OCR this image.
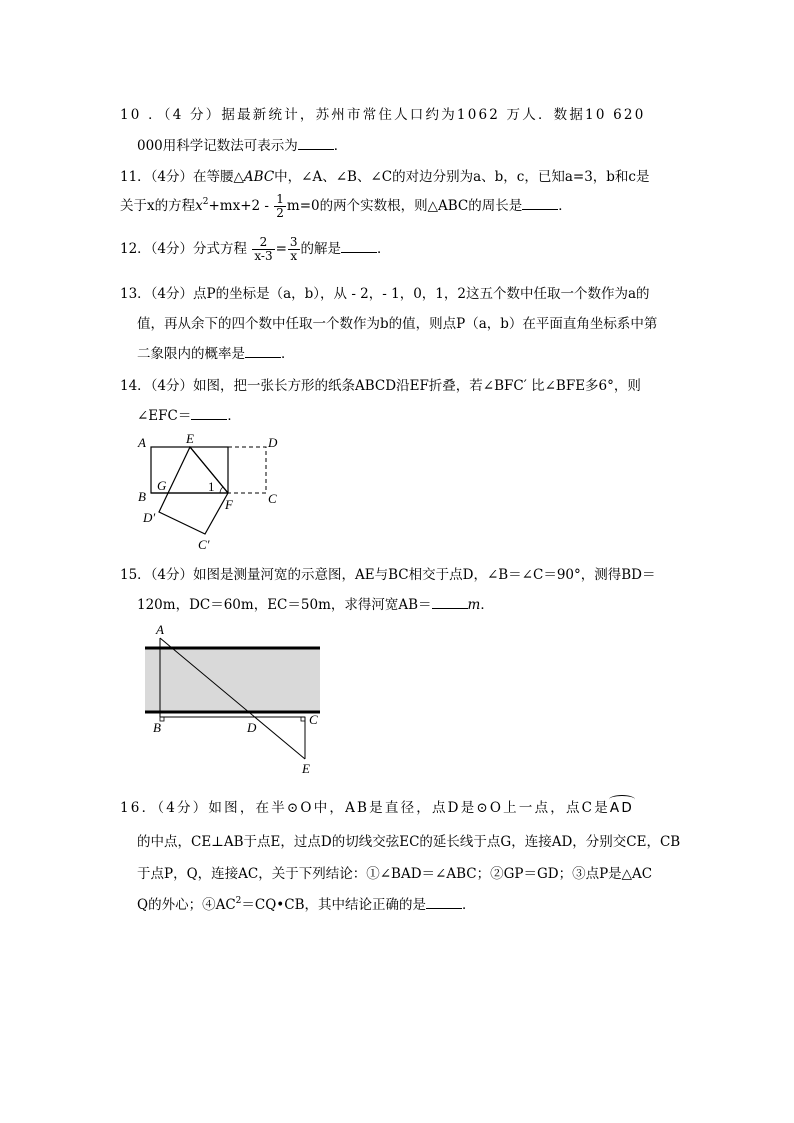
10 ．（4 分）据最新统计，苏州市常住人口约为1062 万人．数据10 620
000用科学记数法可表示为	．
11．（4分）在等腰△ABC中，∠A、∠B、∠C的对边分别为a、b，c，已知a=3，b和c是
关于x的方程$x^2+mx+2 - \frac{1}{2} m=0$的两个实数根，则△ABC的周长是	．
12．（4分）分式方程 $\frac{2}{x-3} = \frac{3}{x}$ 的解是	．
13．（4分）点P的坐标是（a，b），从 - 2，- 1，0，1，2这五个数中任取一个数作为a的
值，再从余下的四个数中任取一个数作为b的值，则点P（a，b）在平面直角坐标系中第
二象限内的概率是	．
14．（4分）如图，把一张长方形的纸条ABCD沿EF折叠，若∠BFC′ 比∠BFE多6°，则
∠EFC＝	．
A	E	D
B
G	1
F	C
D′
C′
15．（4分）如图是测量河宽的示意图，AE与BC相交于点D，∠B＝∠C＝90°，测得BD＝
120m，DC＝60m，EC＝50m，求得河宽AB＝	m．
A
B	D
C
E
16．（4分）如图，在半⊙O中，AB是直径，点D是⊙O上一点，点C是AD
的中点，CE⊥AB于点E，过点D的切线交弦EC的延长线于点G，连接AD，分别交CE，CB
于点P，Q，连接AC，关于下列结论：①∠BAD＝∠ABC；②GP＝GD；③点P是△AC
Q的外心；$④AC^2=CQ•CB$，其中结论正确的是	．
